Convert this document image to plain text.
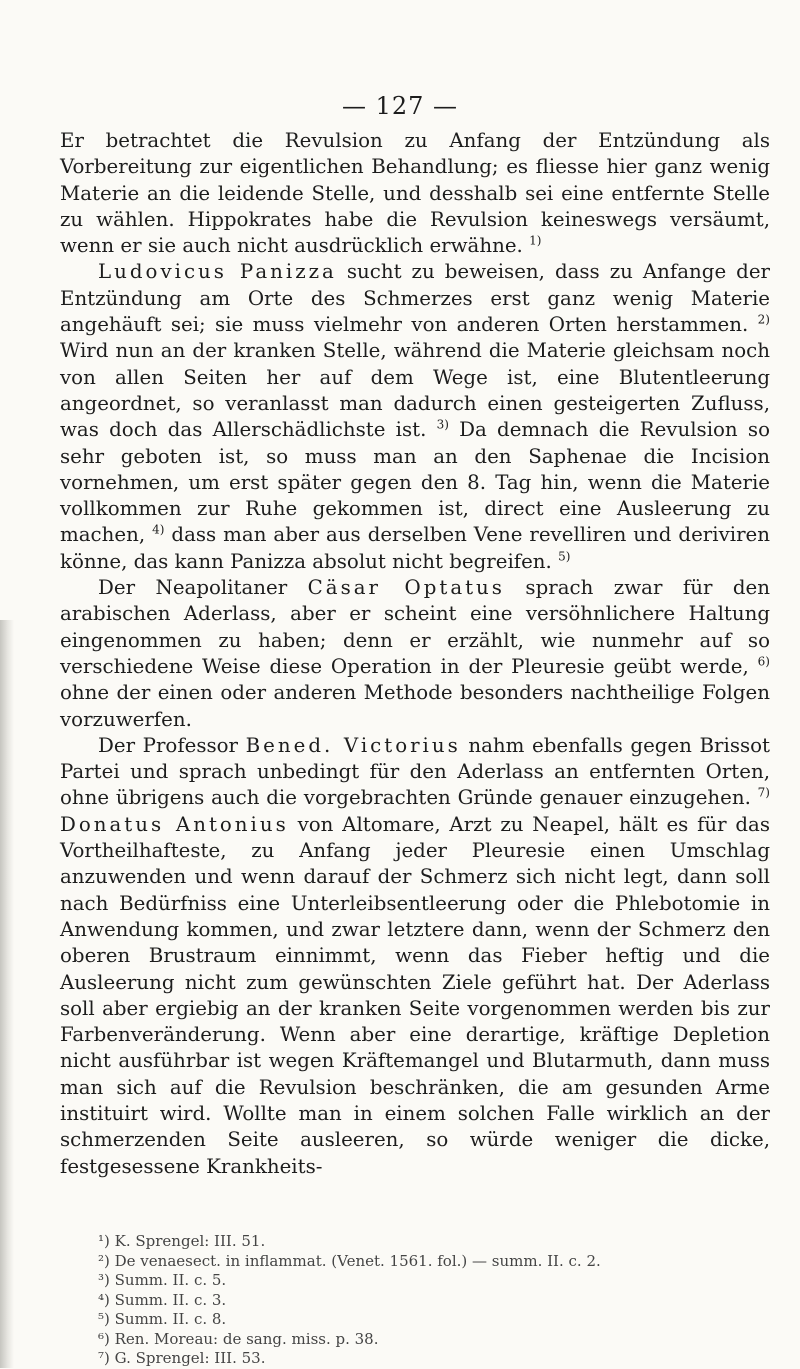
— 127 —

Er betrachtet die Revulsion zu Anfang der Entzündung als Vorbereitung zur eigentlichen Behandlung; es fliesse hier ganz wenig Materie an die leidende Stelle, und desshalb sei eine entfernte Stelle zu wählen. Hippokrates habe die Revulsion keineswegs versäumt, wenn er sie auch nicht ausdrücklich erwähne. $^{1)}$

Ludovicus Panizza sucht zu beweisen, dass zu Anfange der Entzündung am Orte des Schmerzes erst ganz wenig Materie angehäuft sei; sie muss vielmehr von anderen Orten herstammen. $^{2)}$ Wird nun an der kranken Stelle, während die Materie gleichsam noch von allen Seiten her auf dem Wege ist, eine Blutentleerung angeordnet, so veranlasst man dadurch einen gesteigerten Zufluss, was doch das Allerschädlichste ist. $^{3)}$ Da demnach die Revulsion so sehr geboten ist, so muss man an den Saphenae die Incision vornehmen, um erst später gegen den 8. Tag hin, wenn die Materie vollkommen zur Ruhe gekommen ist, direct eine Ausleerung zu machen, $^{4)}$ dass man aber aus derselben Vene revelliren und deriviren könne, das kann Panizza absolut nicht begreifen. $^{5)}$

Der Neapolitaner Cäsar Optatus sprach zwar für den arabischen Aderlass, aber er scheint eine versöhnlichere Haltung eingenommen zu haben; denn er erzählt, wie nunmehr auf so verschiedene Weise diese Operation in der Pleuresie geübt werde, $^{6)}$ ohne der einen oder anderen Methode besonders nachtheilige Folgen vorzuwerfen.

Der Professor Bened. Victorius nahm ebenfalls gegen Brissot Partei und sprach unbedingt für den Aderlass an entfernten Orten, ohne übrigens auch die vorgebrachten Gründe genauer einzugehen. $^{7)}$ Donatus Antonius von Altomare, Arzt zu Neapel, hält es für das Vortheilhafteste, zu Anfang jeder Pleuresie einen Umschlag anzuwenden und wenn darauf der Schmerz sich nicht legt, dann soll nach Bedürfniss eine Unterleibsentleerung oder die Phlebotomie in Anwendung kommen, und zwar letztere dann, wenn der Schmerz den oberen Brustraum einnimmt, wenn das Fieber heftig und die Ausleerung nicht zum gewünschten Ziele geführt hat. Der Aderlass soll aber ergiebig an der kranken Seite vorgenommen werden bis zur Farbenveränderung. Wenn aber eine derartige, kräftige Depletion nicht ausführbar ist wegen Kräftemangel und Blutarmuth, dann muss man sich auf die Revulsion beschränken, die am gesunden Arme instituirt wird. Wollte man in einem solchen Falle wirklich an der schmerzenden Seite ausleeren, so würde weniger die dicke, festgesessene Krankheits-

¹) K. Sprengel: III. 51.
²) De venaesect. in inflammat. (Venet. 1561. fol.) — summ. II. c. 2.
³) Summ. II. c. 5.
⁴) Summ. II. c. 3.
⁵) Summ. II. c. 8.
⁶) Ren. Moreau: de sang. miss. p. 38.
⁷) G. Sprengel: III. 53.
